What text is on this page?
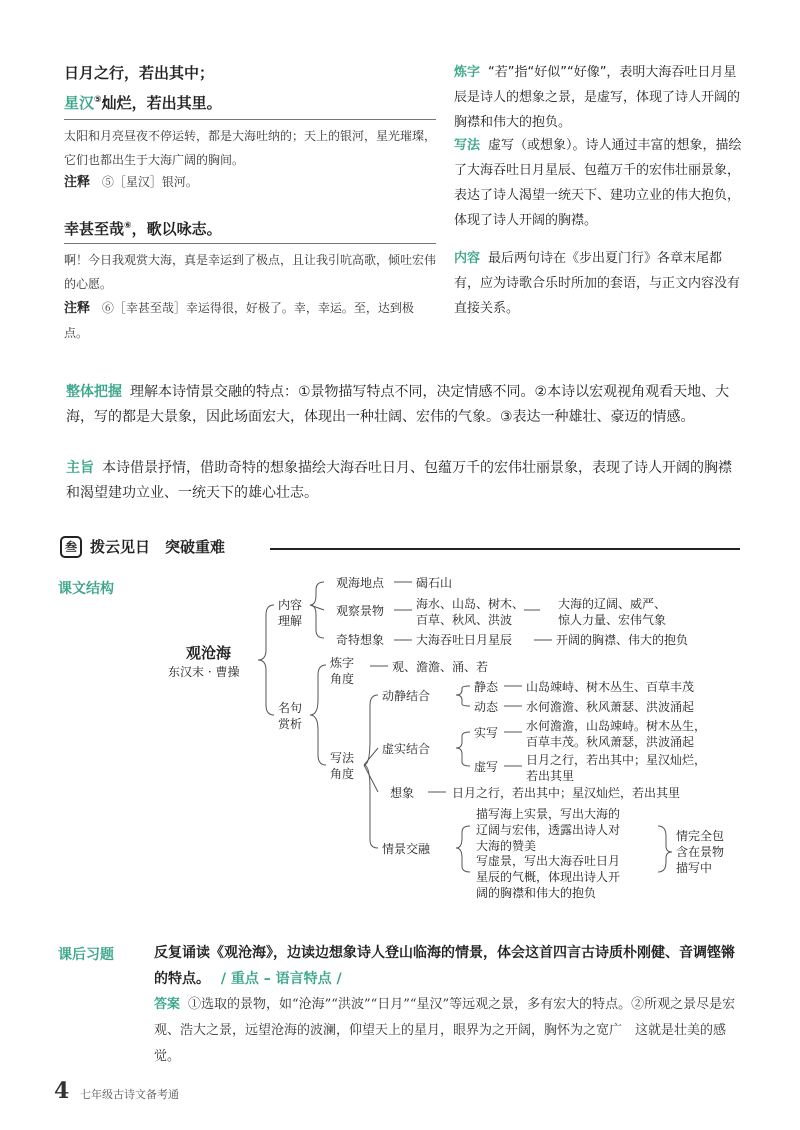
日月之行，若出其中；
星汉⑤灿烂，若出其里。
太阳和月亮昼夜不停运转，都是大海吐纳的；天上的银河，星光璀璨，它们也都出生于大海广阔的胸间。
注释 ⑤［星汉］银河。
幸甚至哉⑥，歌以咏志。
啊！今日我观赏大海，真是幸运到了极点，且让我引吭高歌，倾吐宏伟的心愿。
注释 ⑥［幸甚至哉］幸运得很，好极了。幸，幸运。至，达到极点。
炼字 “若”指“好似”“好像”，表明大海吞吐日月星辰是诗人的想象之景，是虚写，体现了诗人开阔的胸襟和伟大的抱负。
写法 虚写（或想象）。诗人通过丰富的想象，描绘了大海吞吐日月星辰、包蕴万千的宏伟壮丽景象，表达了诗人渴望一统天下、建功立业的伟大抱负，体现了诗人开阔的胸襟。
内容 最后两句诗在《步出夏门行》各章末尾都有，应为诗歌合乐时所加的套语，与正文内容没有直接关系。
整体把握 理解本诗情景交融的特点：①景物描写特点不同，决定情感不同。②本诗以宏观视角观看天地、大海，写的都是大景象，因此场面宏大，体现出一种壮阔、宏伟的气象。③表达一种雄壮、豪迈的情感。
主旨 本诗借景抒情，借助奇特的想象描绘大海吞吐日月、包蕴万千的宏伟壮丽景象，表现了诗人开阔的胸襟和渴望建功立业、一统天下的雄心壮志。
叁 拨云见日　突破重难
课文结构
观沧海
东汉末 · 曹操
内容
理解
观海地点	碣石山
观察景物	海水、山岛、树木、
百草、秋风、洪波
大海的辽阔、威严、
惊人力量、宏伟气象
奇特想象	大海吞吐日月星辰	开阔的胸襟、伟大的抱负
名句
赏析
炼字
角度
观、澹澹、涌、若
写法
角度
动静结合
静态 山岛竦峙、树木丛生、百草丰茂
动态 水何澹澹、秋风萧瑟、洪波涌起
虚实结合
实写 水何澹澹，山岛竦峙。树木丛生，
百草丰茂。秋风萧瑟，洪波涌起
虚写 日月之行，若出其中；星汉灿烂，
若出其里
想象	日月之行，若出其中；星汉灿烂，若出其里
情景交融
描写海上实景，写出大海的
辽阔与宏伟，透露出诗人对
大海的赞美
写虚景，写出大海吞吐日月
星辰的气概，体现出诗人开
阔的胸襟和伟大的抱负
情完全包
含在景物
描写中
课后习题	反复诵读《观沧海》，边读边想象诗人登山临海的情景，体会这首四言古诗质朴刚健、音调铿锵的特点。 / 重点 – 语言特点 /
答案 ①选取的景物，如“沧海”“洪波”“日月”“星汉”等远观之景，多有宏大的特点。②所观之景尽是宏观、浩大之景，远望沧海的波澜，仰望天上的星月，眼界为之开阔，胸怀为之宽广　这就是壮美的感觉。
4 七年级古诗文备考通
